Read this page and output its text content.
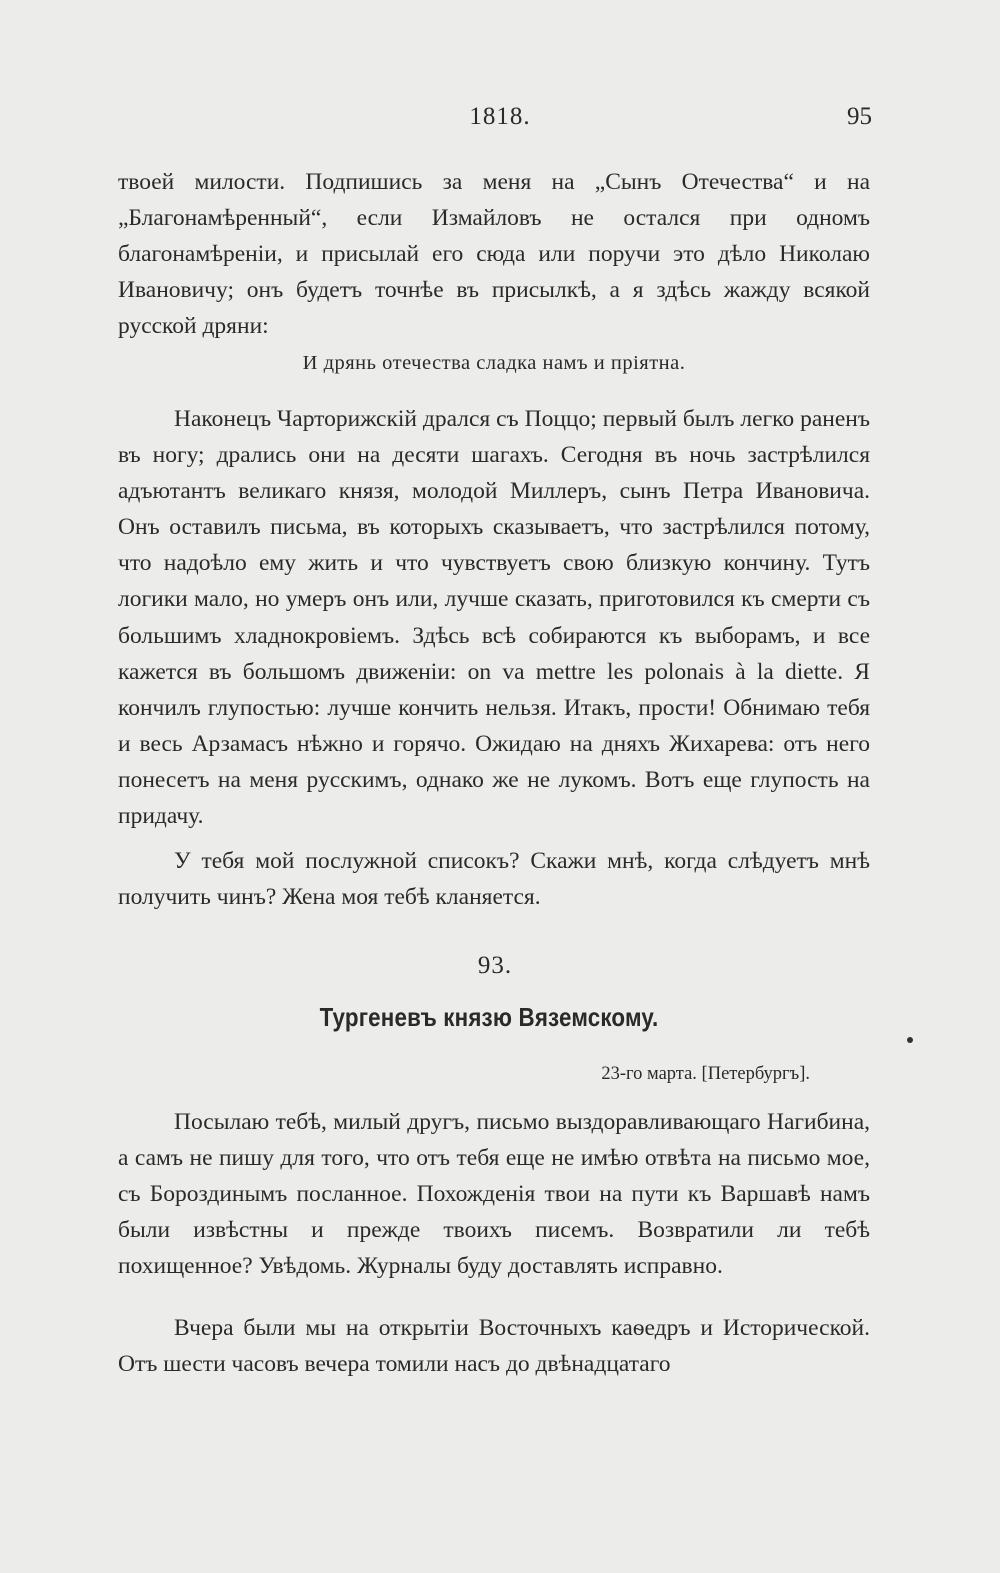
1818.	95

твоей милости. Подпишись за меня на „Сынъ Отечества“ и на „Благонамѣренный“, если Измайловъ не остался при одномъ благонамѣреніи, и присылай его сюда или поручи это дѣло Николаю Ивановичу; онъ будетъ точнѣе въ присылкѣ, а я здѣсь жажду всякой русской дряни:

И дрянь отечества сладка намъ и пріятна.

Наконецъ Чарторижскій дрался съ Поццо; первый былъ легко раненъ въ ногу; дрались они на десяти шагахъ. Сегодня въ ночь застрѣлился адъютантъ великаго князя, молодой Миллеръ, сынъ Петра Ивановича. Онъ оставилъ письма, въ которыхъ сказываетъ, что застрѣлился потому, что надоѣло ему жить и что чувствуетъ свою близкую кончину. Тутъ логики мало, но умеръ онъ или, лучше сказать, приготовился къ смерти съ большимъ хладнокровіемъ. Здѣсь всѣ собираются къ выборамъ, и все кажется въ большомъ движеніи: on va mettre les polonais à la diette. Я кончилъ глупостью: лучше кончить нельзя. Итакъ, прости! Обнимаю тебя и весь Арзамасъ нѣжно и горячо. Ожидаю на дняхъ Жихарева: отъ него понесетъ на меня русскимъ, однако же не лукомъ. Вотъ еще глупость на придачу.

У тебя мой послужной списокъ? Скажи мнѣ, когда слѣдуетъ мнѣ получить чинъ? Жена моя тебѣ кланяется.

93.
Тургеневъ князю Вяземскому.
23-го марта. [Петербургъ].

Посылаю тебѣ, милый другъ, письмо выздоравливающаго Нагибина, а самъ не пишу для того, что отъ тебя еще не имѣю отвѣта на письмо мое, съ Бороздинымъ посланное. Похожденія твои на пути къ Варшавѣ намъ были извѣстны и прежде твоихъ писемъ. Возвратили ли тебѣ похищенное? Увѣдомь. Журналы буду доставлять исправно.

Вчера были мы на открытіи Восточныхъ каѳедръ и Исторической. Отъ шести часовъ вечера томили насъ до двѣнадцатаго
